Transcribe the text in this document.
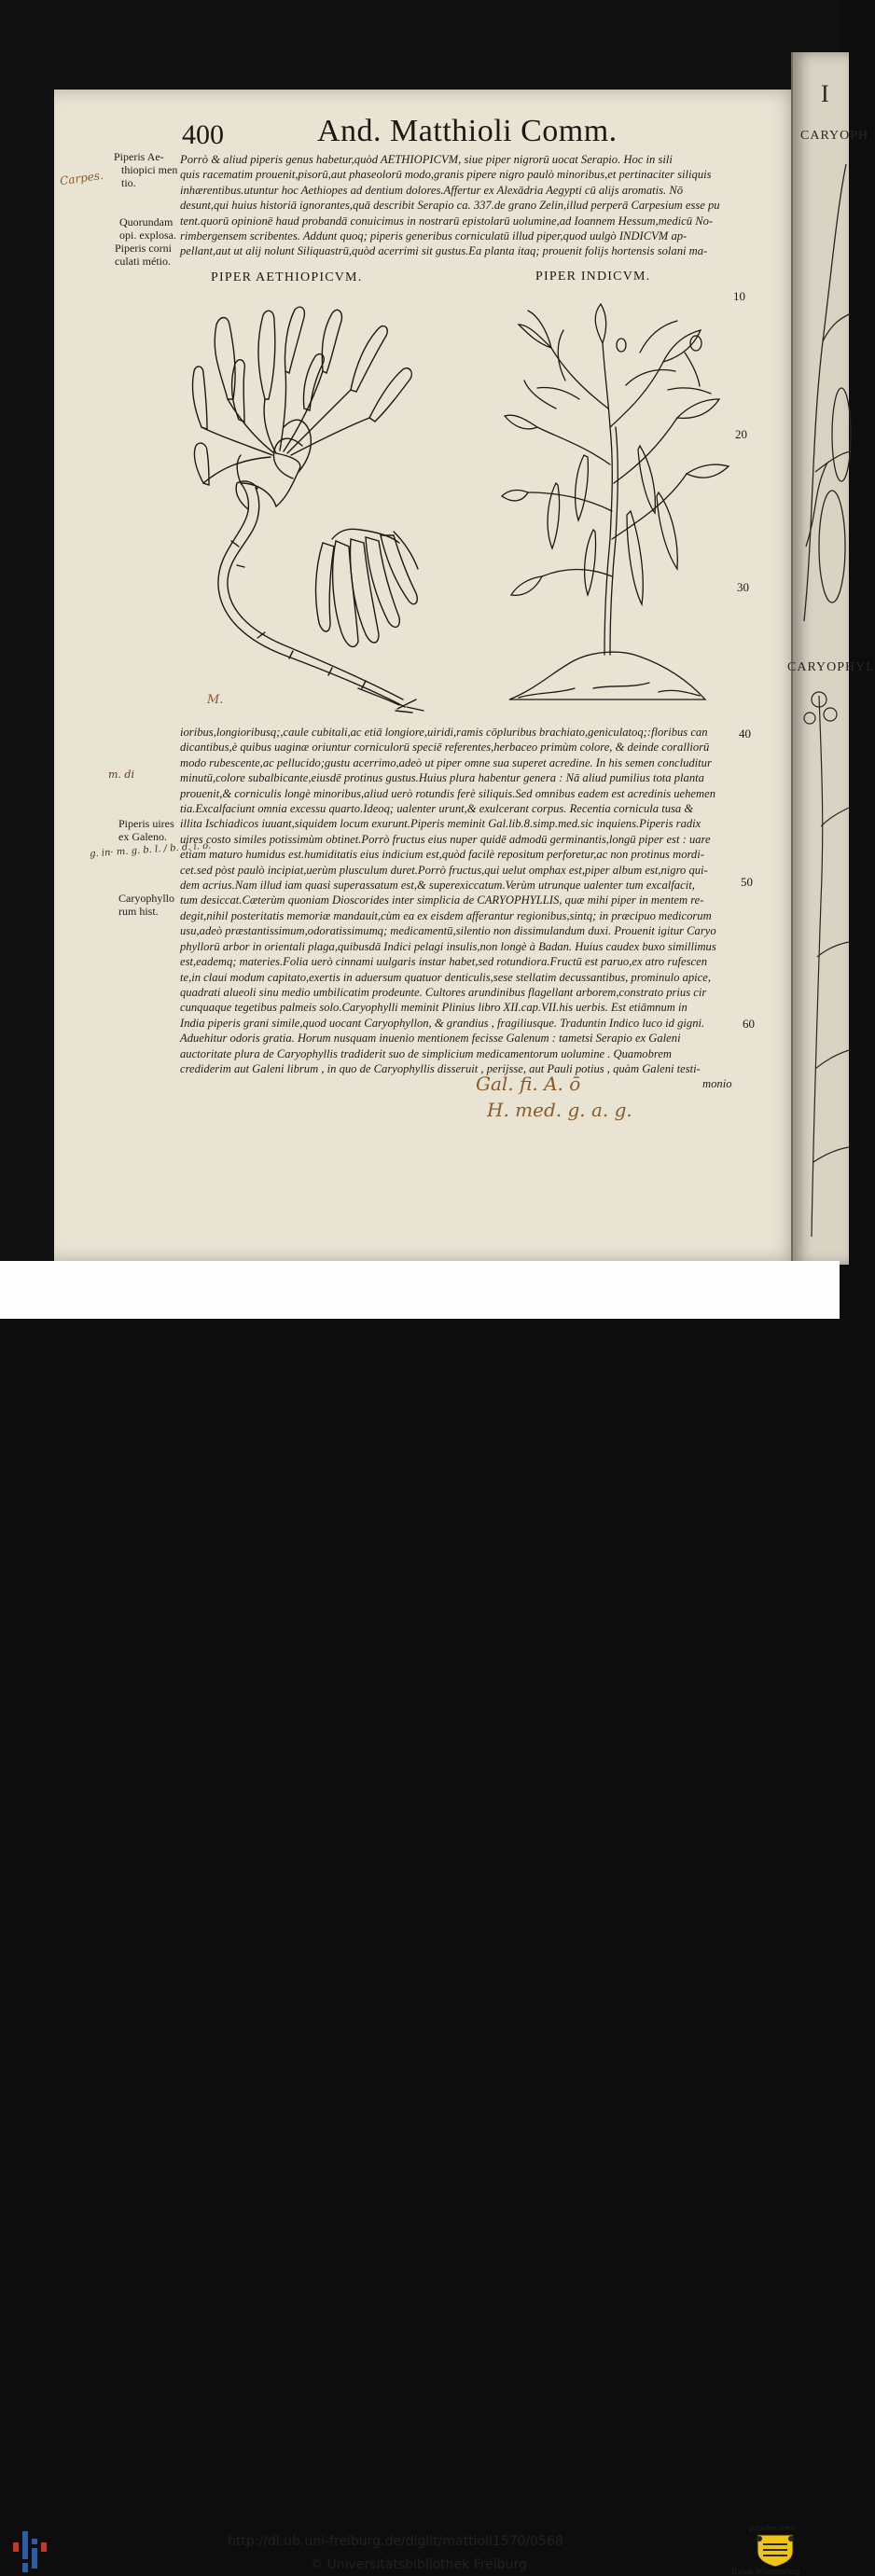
I
CARYOPH
CARYOPHYL
400	And. Matthioli Comm.
Piperis Ae-
thiopici men
tio.
Quorundam
opi. explosa.
Piperis corni
culati métio.
Piperis uires
ex Galeno.
Caryophyllo
rum hist.
Porrò & aliud piperis genus habetur,quòd AETHIOPICVM, siue piper nigrorū uocat Serapio. Hoc in sili
quis racematim prouenit,pisorū,aut phaseolorū modo,granis pipere nigro paulò minoribus,et pertinaciter siliquis
inhærentibus.utuntur hoc Aethiopes ad dentium dolores.Affertur ex Alexādria Aegypti cū alijs aromatis. Nō
desunt,qui huius historiā ignorantes,quā describit Serapio ca. 337.de grano Zelin,illud perperā Carpesium esse pu
tent.quorū opinionē haud probandā conuicimus in nostrarū epistolarū uolumine,ad Ioannem Hessum,medicū No-
rimbergensem scribentes. Addunt quoq; piperis generibus corniculatū illud piper,quod uulgò INDICVM ap-
pellant,aut ut alij nolunt Siliquastrū,quòd acerrimi sit gustus.Ea planta itaq; prouenit folijs hortensis solani ma-
PIPER AETHIOPICVM.	PIPER INDICVM.
ioribus,longioribusq;,caule cubitali,ac etiā longiore,uiridi,ramis cōpluribus brachiato,geniculatoq;:floribus can
dicantibus,è quibus uaginæ oriuntur corniculorū speciē referentes,herbaceo primùm colore, & deinde coralliorū
modo rubescente,ac pellucido;gustu acerrimo,adeò ut piper omne sua superet acredine. In his semen concluditur
minutū,colore subalbicante,eiusdē protinus gustus.Huius plura habentur genera : Nā aliud pumilius tota planta
prouenit,& corniculis longè minoribus,aliud uerò rotundis ferè siliquis.Sed omnibus eadem est acredinis uehemen
tia.Excalfaciunt omnia excessu quarto.Ideoq; ualenter urunt,& exulcerant corpus. Recentia cornicula tusa &
illita Ischiadicos iuuant,siquidem locum exurunt.Piperis meminit Gal.lib.8.simp.med.sic inquiens.Piperis radix
uires costo similes potissimùm obtinet.Porrò fructus eius nuper quidē admodū germinantis,longū piper est : uare
etiam maturo humidus est.humiditatis eius indicium est,quòd facilè repositum perforetur,ac non protinus mordi-
cet.sed pòst paulò incipiat,uerùm plusculum duret.Porrò fructus,qui uelut omphax est,piper album est,nigro qui-
dem acrius.Nam illud iam quasi superassatum est,& superexiccatum.Verùm utrunque ualenter tum excalfacit,
tum desiccat.Cæterùm quoniam Dioscorides inter simplicia de CARYOPHYLLIS, quæ mihi piper in mentem re-
degit,nihil posteritatis memoriæ mandauit,cùm ea ex eisdem afferantur regionibus,sintq; in præcipuo medicorum
usu,adeò præstantissimum,odoratissimumq; medicamentū,silentio non dissimulandum duxi. Prouenit igitur Caryo
phyllorū arbor in orientali plaga,quibusdā Indici pelagi insulis,non longè à Badan. Huius caudex buxo simillimus
est,eademq; materies.Folia uerò cinnami uulgaris instar habet,sed rotundiora.Fructū est paruo,ex atro rufescen
te,in claui modum capitato,exertis in aduersum quatuor denticulis,sese stellatim decussantibus, prominulo apice,
quadrati alueoli sinu medio umbilicatim prodeunte. Cultores arundinibus flagellant arborem,constrato prius cir
cunquaque tegetibus palmeis solo.Caryophylli meminit Plinius libro XII.cap.VII.his uerbis. Est etiāmnum in
India piperis grani simile,quod uocant Caryophyllon, & grandius , fragiliusque. Traduntin Indico luco id gigni.
Aduehitur odoris gratia. Horum nusquam inuenio mentionem fecisse Galenum : tametsi Serapio ex Galeni
auctoritate plura de Caryophyllis tradiderit suo de simplicium medicamentorum uolumine . Quamobrem
crediderim aut Galeni librum , in quo de Caryophyllis disseruit , perijsse, aut Pauli potius , quàm Galeni testi-
monio
10
20
30
40
50
60
Carpes.
M.
m. di
g. in· m. g. b. l. / b. d. i. o.
Gal. fi. A. ō
H. med. g. a. g.
http://dl.ub.uni-freiburg.de/diglit/mattioli1570/0568
© Universitätsbibliothek Freiburg
gefördert durch
Baden-Württemberg
